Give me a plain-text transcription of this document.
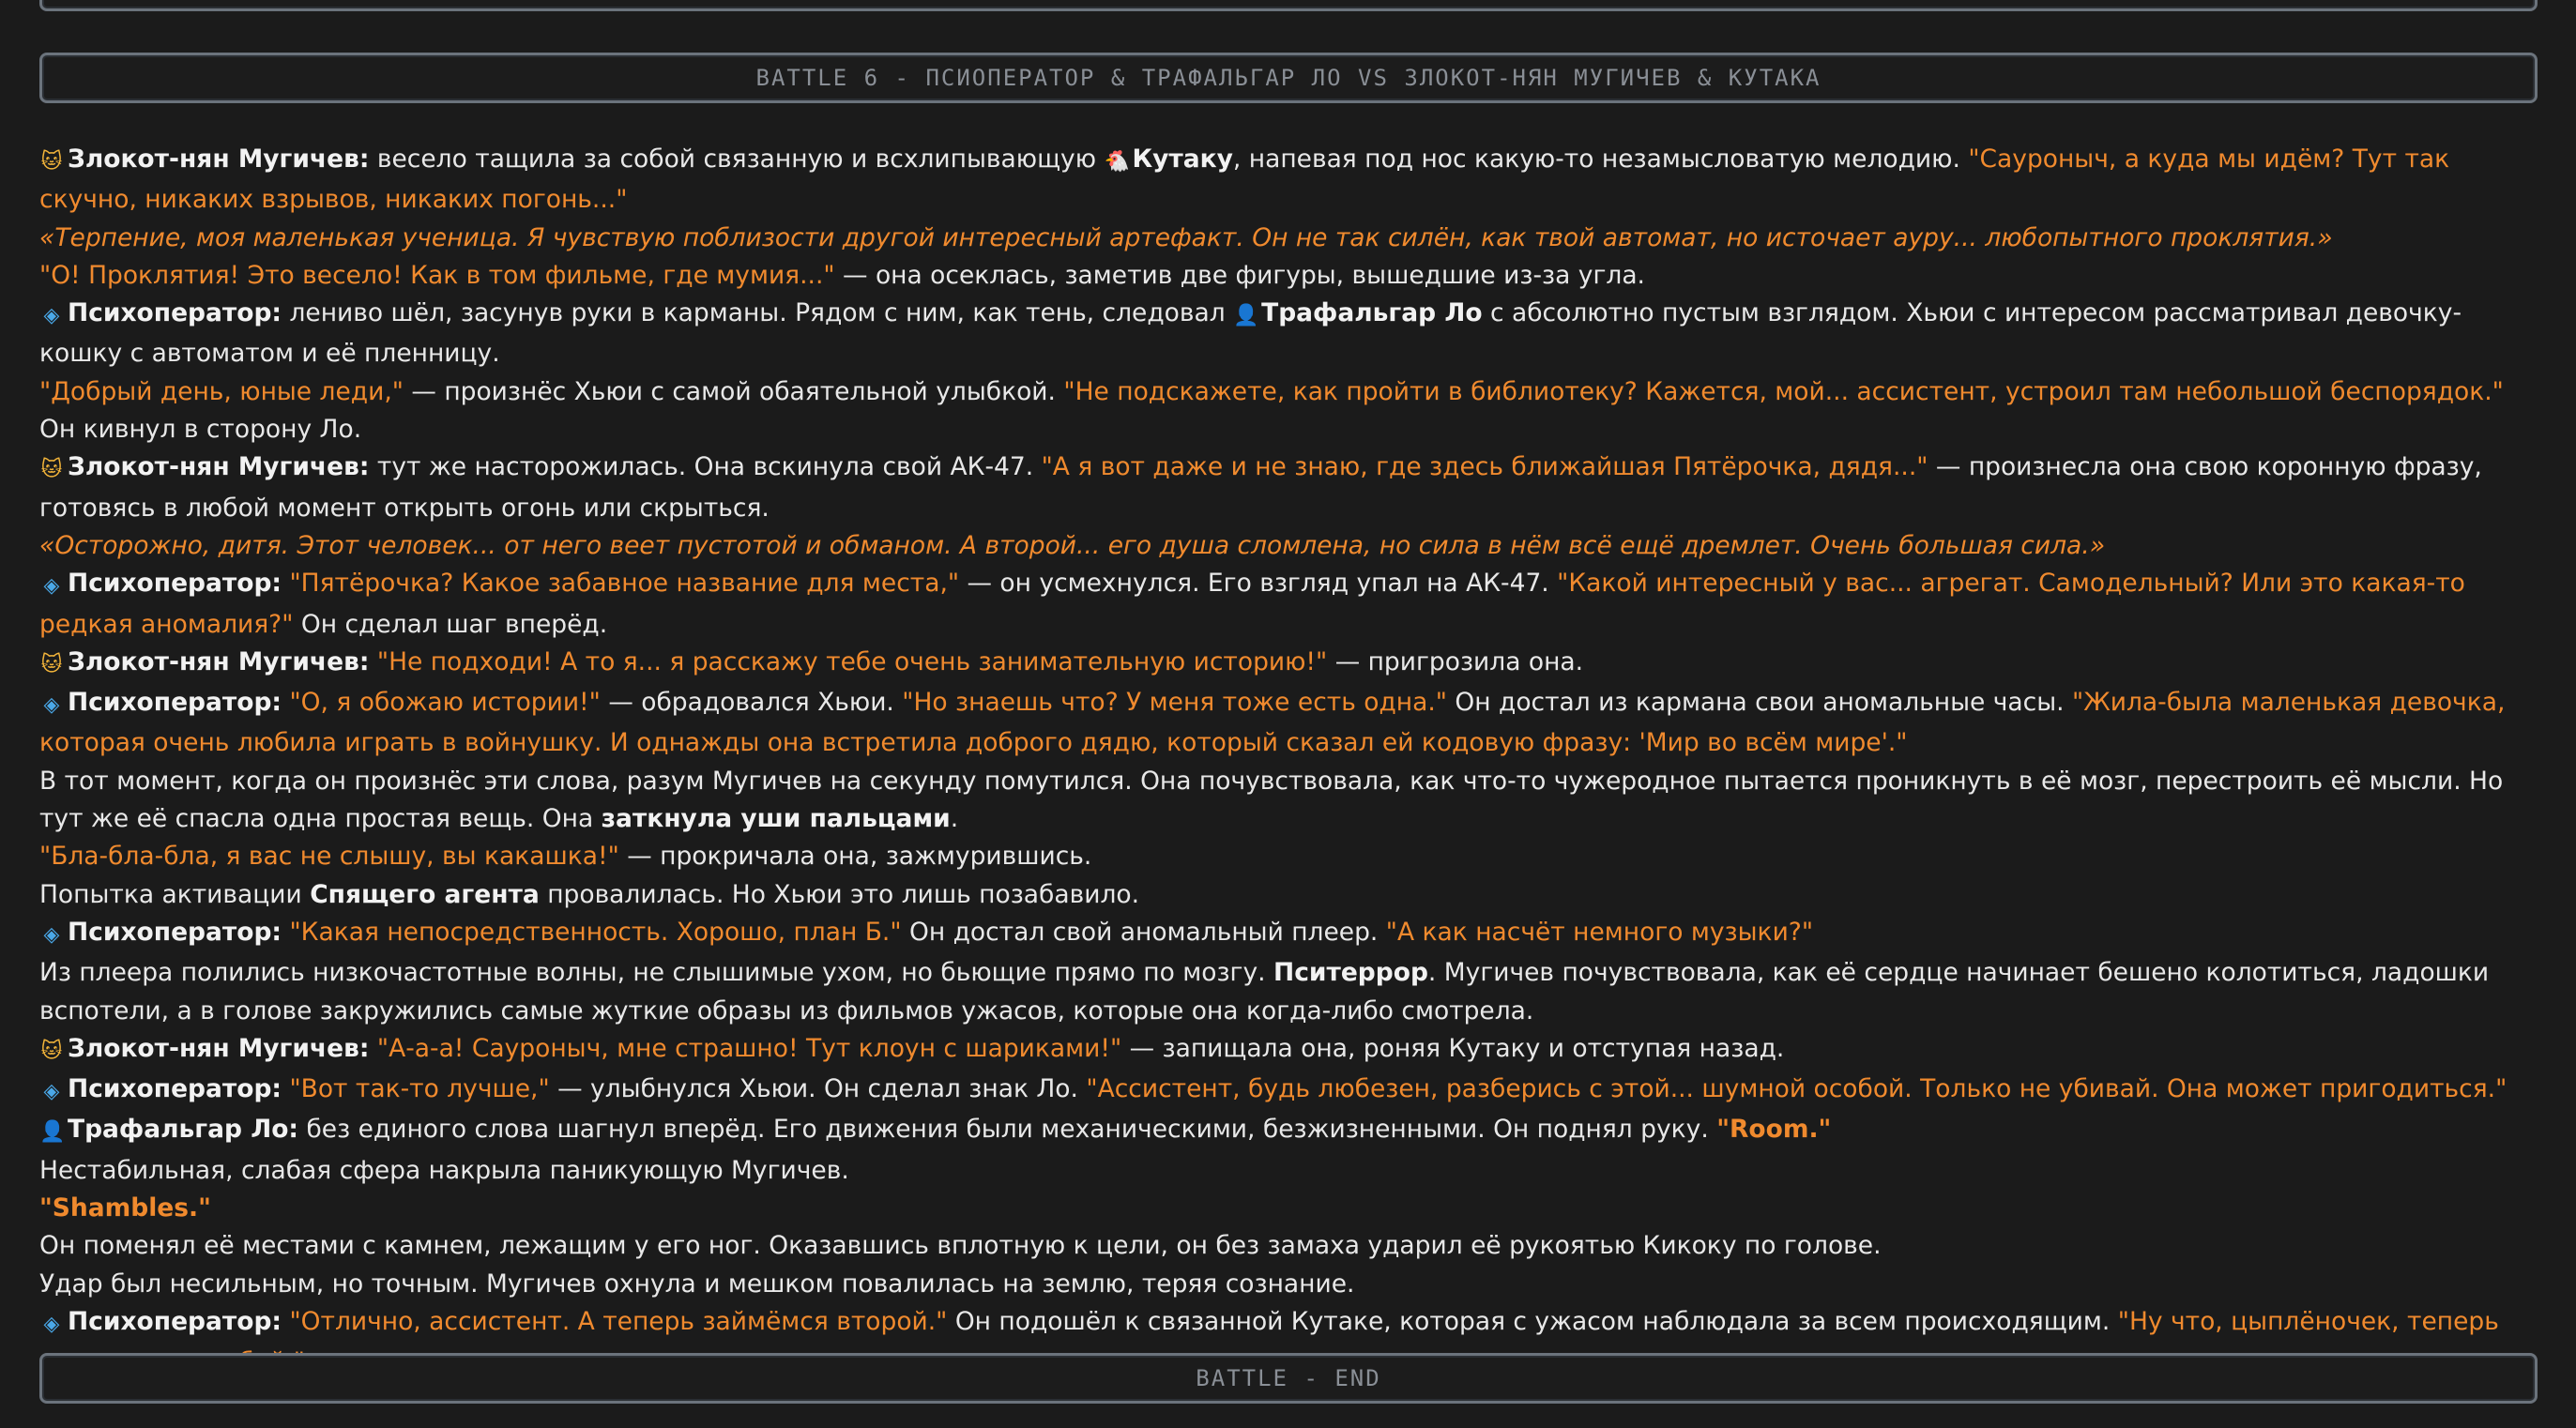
BATTLE 6 - ПСИОПЕРАТОР & ТРАФАЛЬГАР ЛО VS ЗЛОКОТ-НЯН МУГИЧЕВ & КУТАКА

🐱 Злокот-нян Мугичев: весело тащила за собой связанную и всхлипывающую 🐔Кутаку, напевая под нос какую-то незамысловатую мелодию. "Сауроныч, а куда мы идём? Тут так скучно, никаких взрывов, никаких погонь..."

«Терпение, моя маленькая ученица. Я чувствую поблизости другой интересный артефакт. Он не так силён, как твой автомат, но источает ауру... любопытного проклятия.»

"О! Проклятия! Это весело! Как в том фильме, где мумия..." — она осеклась, заметив две фигуры, вышедшие из-за угла.

◈ Психоператор: лениво шёл, засунув руки в карманы. Рядом с ним, как тень, следовал 👤Трафальгар Ло с абсолютно пустым взглядом. Хьюи с интересом рассматривал девочку-кошку с автоматом и её пленницу.

"Добрый день, юные леди," — произнёс Хьюи с самой обаятельной улыбкой. "Не подскажете, как пройти в библиотеку? Кажется, мой... ассистент, устроил там небольшой беспорядок." Он кивнул в сторону Ло.

🐱 Злокот-нян Мугичев: тут же насторожилась. Она вскинула свой АК-47. "А я вот даже и не знаю, где здесь ближайшая Пятёрочка, дядя..." — произнесла она свою коронную фразу, готовясь в любой момент открыть огонь или скрыться.

«Осторожно, дитя. Этот человек... от него веет пустотой и обманом. А второй... его душа сломлена, но сила в нём всё ещё дремлет. Очень большая сила.»

◈ Психоператор: "Пятёрочка? Какое забавное название для места," — он усмехнулся. Его взгляд упал на АК-47. "Какой интересный у вас... агрегат. Самодельный? Или это какая-то редкая аномалия?" Он сделал шаг вперёд.

🐱 Злокот-нян Мугичев: "Не подходи! А то я... я расскажу тебе очень занимательную историю!" — пригрозила она.

◈ Психоператор: "О, я обожаю истории!" — обрадовался Хьюи. "Но знаешь что? У меня тоже есть одна." Он достал из кармана свои аномальные часы. "Жила-была маленькая девочка, которая очень любила играть в войнушку. И однажды она встретила доброго дядю, который сказал ей кодовую фразу: 'Мир во всём мире'."

В тот момент, когда он произнёс эти слова, разум Мугичев на секунду помутился. Она почувствовала, как что-то чужеродное пытается проникнуть в её мозг, перестроить её мысли. Но тут же её спасла одна простая вещь. Она заткнула уши пальцами.

"Бла-бла-бла, я вас не слышу, вы какашка!" — прокричала она, зажмурившись.

Попытка активации Спящего агента провалилась. Но Хьюи это лишь позабавило.

◈ Психоператор: "Какая непосредственность. Хорошо, план Б." Он достал свой аномальный плеер. "А как насчёт немного музыки?"

Из плеера полились низкочастотные волны, не слышимые ухом, но бьющие прямо по мозгу. Пситеррор. Мугичев почувствовала, как её сердце начинает бешено колотиться, ладошки вспотели, а в голове закружились самые жуткие образы из фильмов ужасов, которые она когда-либо смотрела.

🐱 Злокот-нян Мугичев: "А-а-а! Сауроныч, мне страшно! Тут клоун с шариками!" — запищала она, роняя Кутаку и отступая назад.

◈ Психоператор: "Вот так-то лучше," — улыбнулся Хьюи. Он сделал знак Ло. "Ассистент, будь любезен, разберись с этой... шумной особой. Только не убивай. Она может пригодиться."

👤Трафальгар Ло: без единого слова шагнул вперёд. Его движения были механическими, безжизненными. Он поднял руку. "Room."

Нестабильная, слабая сфера накрыла паникующую Мугичев.

"Shambles."

Он поменял её местами с камнем, лежащим у его ног. Оказавшись вплотную к цели, он без замаха ударил её рукоятью Кикоку по голове.

Удар был несильным, но точным. Мугичев охнула и мешком повалилась на землю, теряя сознание.

◈ Психоператор: "Отлично, ассистент. А теперь займёмся второй." Он подошёл к связанной Кутаке, которая с ужасом наблюдала за всем происходящим. "Ну что, цыплёночек, теперь

BATTLE - END
